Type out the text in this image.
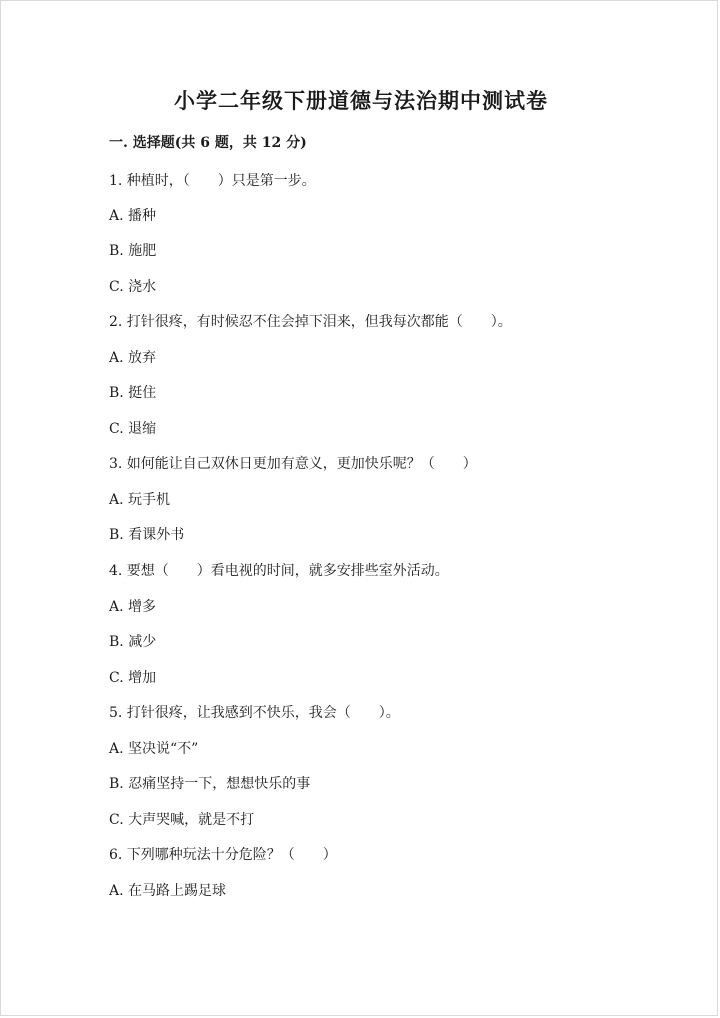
小学二年级下册道德与法治期中测试卷
一. 选择题(共 6 题，共 12 分)
1. 种植时，（　　）只是第一步。
A. 播种
B. 施肥
C. 浇水
2. 打针很疼，有时候忍不住会掉下泪来，但我每次都能（　　）。
A. 放弃
B. 挺住
C. 退缩
3. 如何能让自己双休日更加有意义，更加快乐呢？（　　）
A. 玩手机
B. 看课外书
4. 要想（　　）看电视的时间，就多安排些室外活动。
A. 增多
B. 减少
C. 增加
5. 打针很疼，让我感到不快乐，我会（　　）。
A. 坚决说“不”
B. 忍痛坚持一下，想想快乐的事
C. 大声哭喊，就是不打
6. 下列哪种玩法十分危险？（　　）
A. 在马路上踢足球
